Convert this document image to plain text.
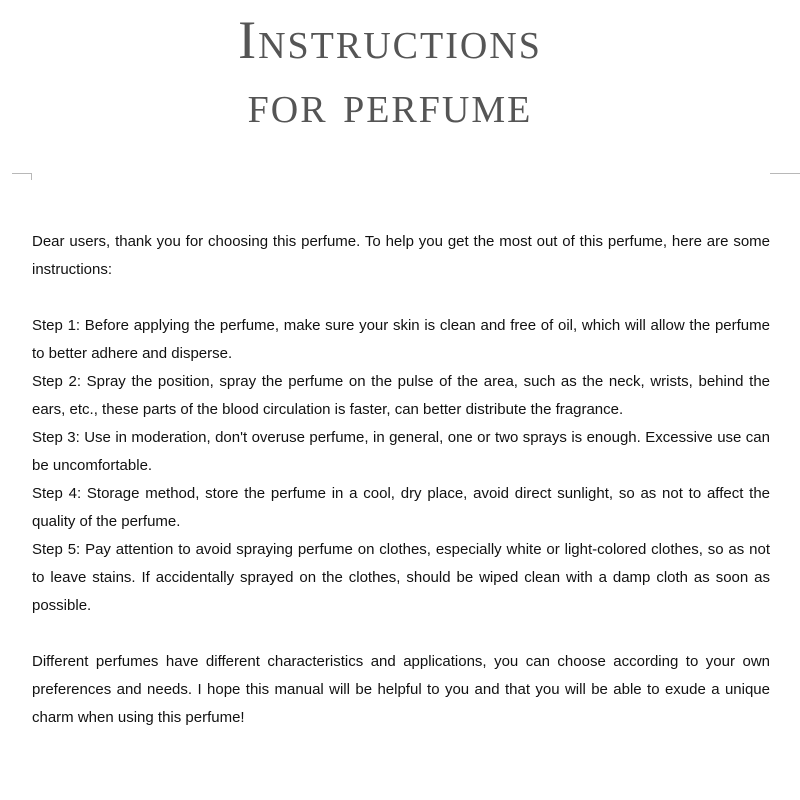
Instructions
for perfume

Dear users, thank you for choosing this perfume. To help you get the most out of this perfume, here are some instructions:

Step 1: Before applying the perfume, make sure your skin is clean and free of oil, which will allow the perfume to better adhere and disperse.

Step 2: Spray the position, spray the perfume on the pulse of the area, such as the neck, wrists, behind the ears, etc., these parts of the blood circulation is faster, can better distribute the fragrance.

Step 3: Use in moderation, don't overuse perfume, in general, one or two sprays is enough. Excessive use can be uncomfortable.

Step 4: Storage method, store the perfume in a cool, dry place, avoid direct sunlight, so as not to affect the quality of the perfume.

Step 5: Pay attention to avoid spraying perfume on clothes, especially white or light-colored clothes, so as not to leave stains. If accidentally sprayed on the clothes, should be wiped clean with a damp cloth as soon as possible.

Different perfumes have different characteristics and applications, you can choose according to your own preferences and needs. I hope this manual will be helpful to you and that you will be able to exude a unique charm when using this perfume!
